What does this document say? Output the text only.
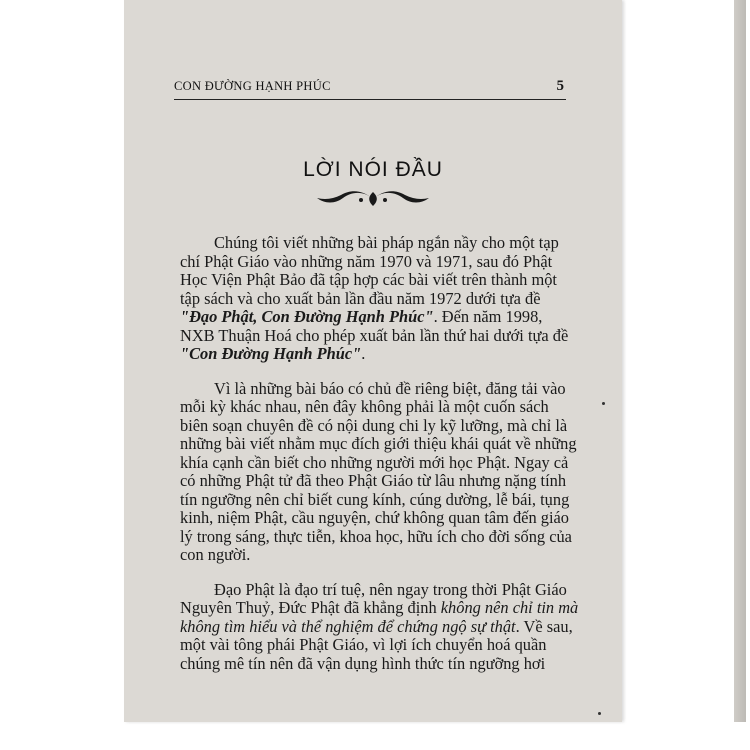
CON ĐƯỜNG HẠNH PHÚC	5
LỜI NÓI ĐẦU

Chúng tôi viết những bài pháp ngắn nầy cho một tạp
chí Phật Giáo vào những năm 1970 và 1971, sau đó Phật
Học Viện Phật Bảo đã tập hợp các bài viết trên thành một
tập sách và cho xuất bản lần đầu năm 1972 dưới tựa đề
"Đạo Phật, Con Đường Hạnh Phúc". Đến năm 1998,
NXB Thuận Hoá cho phép xuất bản lần thứ hai dưới tựa đề
"Con Đường Hạnh Phúc".

Vì là những bài báo có chủ đề riêng biệt, đăng tải vào
mỗi kỳ khác nhau, nên đây không phải là một cuốn sách
biên soạn chuyên đề có nội dung chi ly kỹ lưỡng, mà chỉ là
những bài viết nhằm mục đích giới thiệu khái quát về những
khía cạnh cần biết cho những người mới học Phật. Ngay cả
có những Phật tử đã theo Phật Giáo từ lâu nhưng nặng tính
tín ngưỡng nên chỉ biết cung kính, cúng dường, lễ bái, tụng
kinh, niệm Phật, cầu nguyện, chứ không quan tâm đến giáo
lý trong sáng, thực tiễn, khoa học, hữu ích cho đời sống của
con người.

Đạo Phật là đạo trí tuệ, nên ngay trong thời Phật Giáo
Nguyên Thuỷ, Đức Phật đã khẳng định không nên chỉ tin mà
không tìm hiểu và thể nghiệm để chứng ngộ sự thật. Về sau,
một vài tông phái Phật Giáo, vì lợi ích chuyển hoá quần
chúng mê tín nên đã vận dụng hình thức tín ngưỡng hơi
